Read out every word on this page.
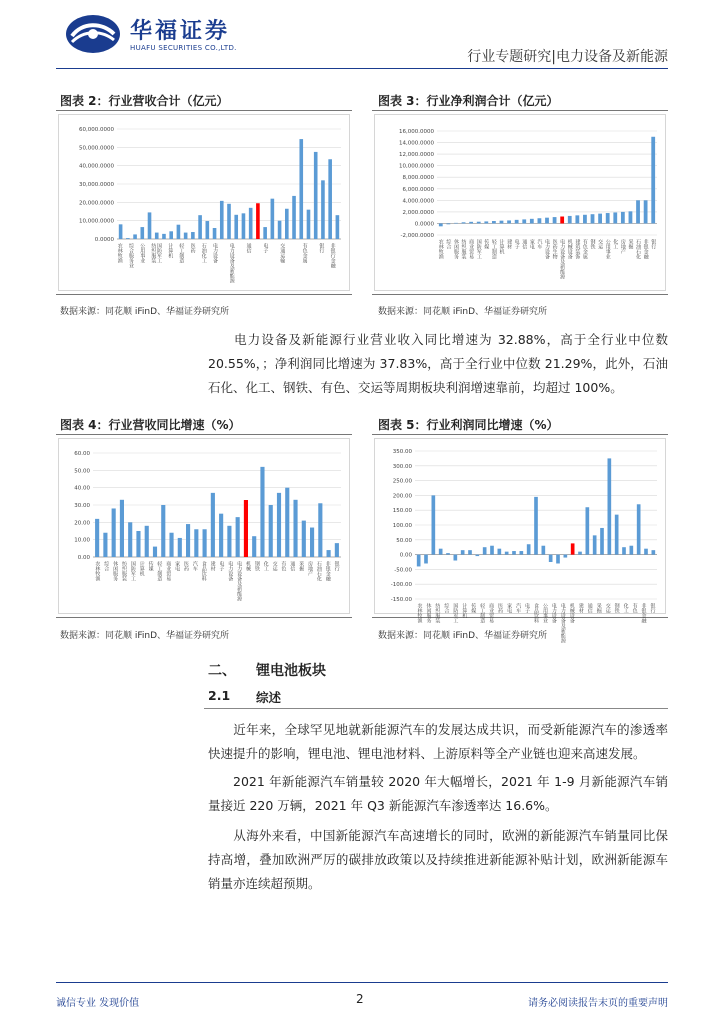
华福证券
HUAFU SECURITIES CO.,LTD.
行业专题研究|电力设备及新能源
图表 2：行业营收合计（亿元）	图表 3：行业净利润合计（亿元）
0.0000
10,000.0000
20,000.0000
30,000.0000
40,000.0000
50,000.0000
60,000.0000
农林牧渔 综合服务业 公用事业 纺织服装 国防军工 计算机 轻工制造 医药 石油化工 电力设备 电力设备及新能源 通信 电子 交通运输	有色金属 银行 非银行金融
-2,000.0000
0.0000
2,000.0000
4,000.0000
6,000.0000
8,000.0000
10,000.0000
12,000.0000
14,000.0000
16,000.0000
农林牧渔 综合 休闲服务 纺织服装 商业贸易 国防军工 传媒 轻工制造 计算机 建材 电子 通信 家电 汽车 电力设备 医药生物 电力设备及新能源 机械设备 建筑装饰 有色金属 钢铁 交运 公用事业 化工 房地产 采掘 石油石化 非银金融 银行
数据来源：同花顺 iFinD、华福证券研究所	数据来源：同花顺 iFinD、华福证券研究所
电力设备及新能源行业营业收入同比增速为 32.88%，高于全行业中位数 20.55%，；净利润同比增速为 37.83%，高于全行业中位数 21.29%，此外，石油石化、化工、钢铁、有色、交运等周期板块利润增速靠前，均超过 100%。
图表 4：行业营收同比增速（%）	图表 5：行业利润同比增速（%）
0.00
10.00
20.00
30.00
40.00
50.00
60.00
农林牧渔 综合 休闲服务 纺织服装 国防军工 计算机 传媒 轻工制造 商业贸易 家电 医药 汽车 食品饮料 建材 电子 电力设备 电力设备及新能源 机械 钢铁 化工 交运 有色 通信 采掘 房地产 石油石化 非银金融 银行
-150.00
-100.00
-50.00
0.00
50.00
100.00
150.00
200.00
250.00
300.00
350.00
农林牧渔 休闲服务 纺织服装 综合 国防军工 计算机 传媒 轻工制造 商业贸易 医药 家电 汽车 电子 食品饮料 公用事业 电力设备 电力设备及新能源 机械设备 建材 通信 采掘 交运 钢铁 化工 有色 非银金融 银行
数据来源：同花顺 iFinD、华福证券研究所	数据来源：同花顺 iFinD、华福证券研究所
二、 锂电池板块
2.1 综述
近年来，全球罕见地就新能源汽车的发展达成共识，而受新能源汽车的渗透率快速提升的影响，锂电池、锂电池材料、上游原料等全产业链也迎来高速发展。
2021 年新能源汽车销量较 2020 年大幅增长，2021 年 1-9 月新能源汽车销量接近 220 万辆，2021 年 Q3 新能源汽车渗透率达 16.6%。
从海外来看，中国新能源汽车高速增长的同时，欧洲的新能源汽车销量同比保持高增，叠加欧洲严厉的碳排放政策以及持续推进新能源补贴计划，欧洲新能源车销量亦连续超预期。
诚信专业 发现价值	2	请务必阅读报告末页的重要声明
